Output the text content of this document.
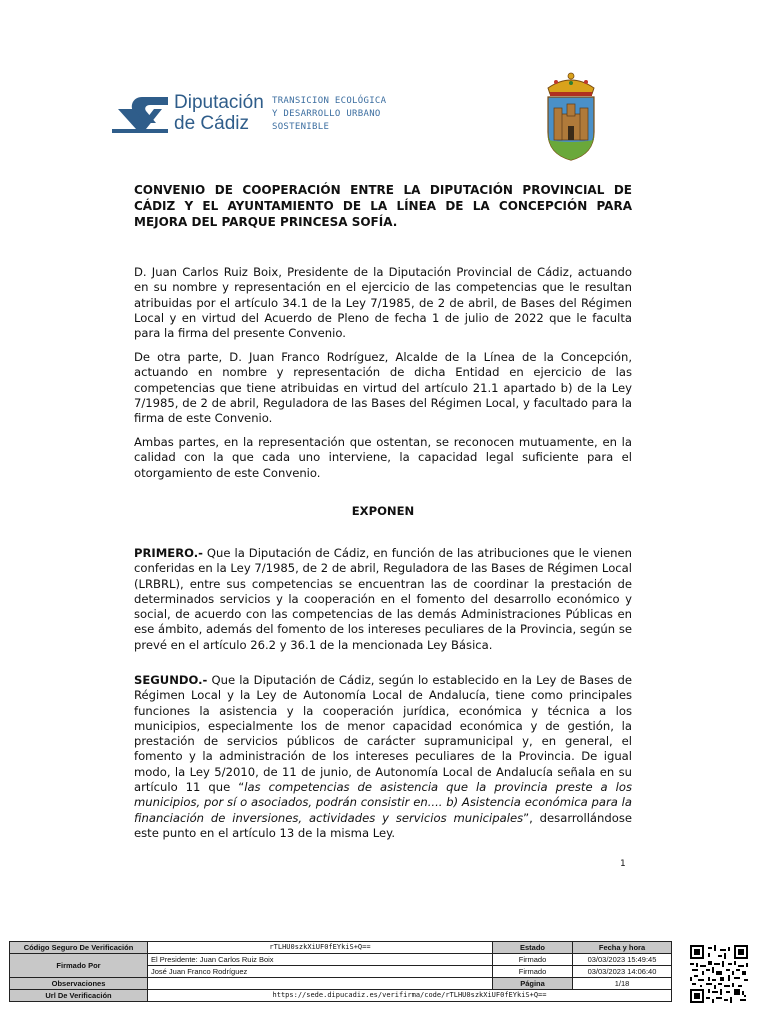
Diputación
de Cádiz
TRANSICION ECOLÓGICA
Y DESARROLLO URBANO
SOSTENIBLE
CONVENIO DE COOPERACIÓN ENTRE LA DIPUTACIÓN PROVINCIAL DE CÁDIZ Y EL AYUNTAMIENTO DE LA LÍNEA DE LA CONCEPCIÓN PARA MEJORA DEL PARQUE PRINCESA SOFÍA.
D. Juan Carlos Ruiz Boix, Presidente de la Diputación Provincial de Cádiz, actuando en su nombre y representación en el ejercicio de las competencias que le resultan atribuidas por el artículo 34.1 de la Ley 7/1985, de 2 de abril, de Bases del Régimen Local y en virtud del Acuerdo de Pleno de fecha 1 de julio de 2022 que le faculta para la firma del presente Convenio.
De otra parte, D. Juan Franco Rodríguez, Alcalde de la Línea de la Concepción, actuando en nombre y representación de dicha Entidad en ejercicio de las competencias que tiene atribuidas en virtud del artículo 21.1 apartado b) de la Ley 7/1985, de 2 de abril, Reguladora de las Bases del Régimen Local, y facultado para la firma de este Convenio.
Ambas partes, en la representación que ostentan, se reconocen mutuamente, en la calidad con la que cada uno interviene, la capacidad legal suficiente para el otorgamiento de este Convenio.
EXPONEN
PRIMERO.- Que la Diputación de Cádiz, en función de las atribuciones que le vienen conferidas en la Ley 7/1985, de 2 de abril, Reguladora de las Bases de Régimen Local (LRBRL), entre sus competencias se encuentran las de coordinar la prestación de determinados servicios y la cooperación en el fomento del desarrollo económico y social, de acuerdo con las competencias de las demás Administraciones Públicas en ese ámbito, además del fomento de los intereses peculiares de la Provincia, según se prevé en el artículo 26.2 y 36.1 de la mencionada Ley Básica.
SEGUNDO.- Que la Diputación de Cádiz, según lo establecido en la Ley de Bases de Régimen Local y la Ley de Autonomía Local de Andalucía, tiene como principales funciones la asistencia y la cooperación jurídica, económica y técnica a los municipios, especialmente los de menor capacidad económica y de gestión, la prestación de servicios públicos de carácter supramunicipal y, en general, el fomento y la administración de los intereses peculiares de la Provincia. De igual modo, la Ley 5/2010, de 11 de junio, de Autonomía Local de Andalucía señala en su artículo 11 que “las competencias de asistencia que la provincia preste a los municipios, por sí o asociados, podrán consistir en.... b) Asistencia económica para la financiación de inversiones, actividades y servicios municipales”, desarrollándose este punto en el artículo 13 de la misma Ley.
1
Código Seguro De Verificación	rTLHU0szkXiUF0fEYkiS+Q==	Estado	Fecha y hora
Firmado Por	El Presidente: Juan Carlos Ruiz Boix	Firmado	03/03/2023 15:49:45
	José Juan Franco Rodríguez	Firmado	03/03/2023 14:06:40
Observaciones		Página	1/18
Url De Verificación	https://sede.dipucadiz.es/verifirma/code/rTLHU0szkXiUF0fEYkiS+Q==		
